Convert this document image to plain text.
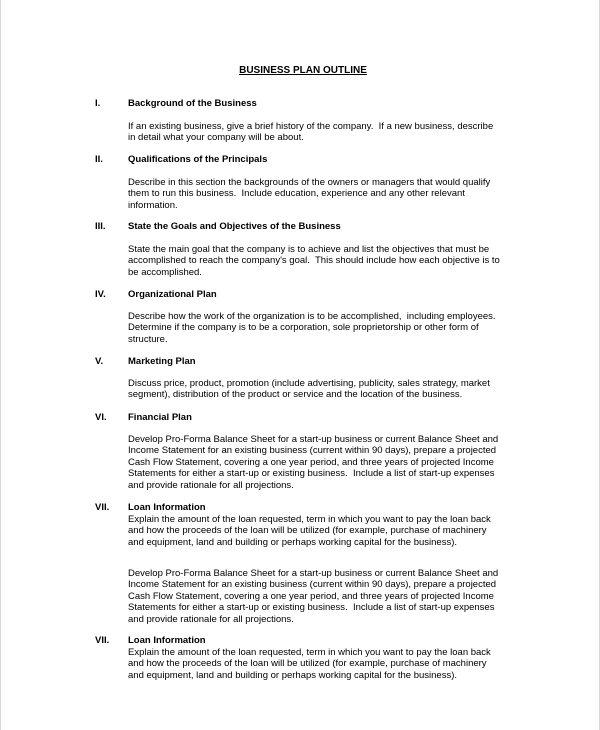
BUSINESS PLAN OUTLINE
I.	Background of the Business
If an existing business, give a brief history of the company.  If a new business, describe
in detail what your company will be about.
II.	Qualifications of the Principals
Describe in this section the backgrounds of the owners or managers that would qualify
them to run this business.  Include education, experience and any other relevant
information.
III. State the Goals and Objectives of the Business
State the main goal that the company is to achieve and list the objectives that must be
accomplished to reach the company's goal.  This should include how each objective is to
be accomplished.
IV. Organizational Plan
Describe how the work of the organization is to be accomplished,  including employees.
Determine if the company is to be a corporation, sole proprietorship or other form of
structure.
V.	Marketing Plan
Discuss price, product, promotion (include advertising, publicity, sales strategy, market
segment), distribution of the product or service and the location of the business.
VI. Financial Plan
Develop Pro-Forma Balance Sheet for a start-up business or current Balance Sheet and
Income Statement for an existing business (current within 90 days), prepare a projected
Cash Flow Statement, covering a one year period, and three years of projected Income
Statements for either a start-up or existing business.  Include a list of start-up expenses
and provide rationale for all projections.
VII. Loan Information
Explain the amount of the loan requested, term in which you want to pay the loan back
and how the proceeds of the loan will be utilized (for example, purchase of machinery
and equipment, land and building or perhaps working capital for the business).
Develop Pro-Forma Balance Sheet for a start-up business or current Balance Sheet and
Income Statement for an existing business (current within 90 days), prepare a projected
Cash Flow Statement, covering a one year period, and three years of projected Income
Statements for either a start-up or existing business.  Include a list of start-up expenses
and provide rationale for all projections.
VII. Loan Information
Explain the amount of the loan requested, term in which you want to pay the loan back
and how the proceeds of the loan will be utilized (for example, purchase of machinery
and equipment, land and building or perhaps working capital for the business).
